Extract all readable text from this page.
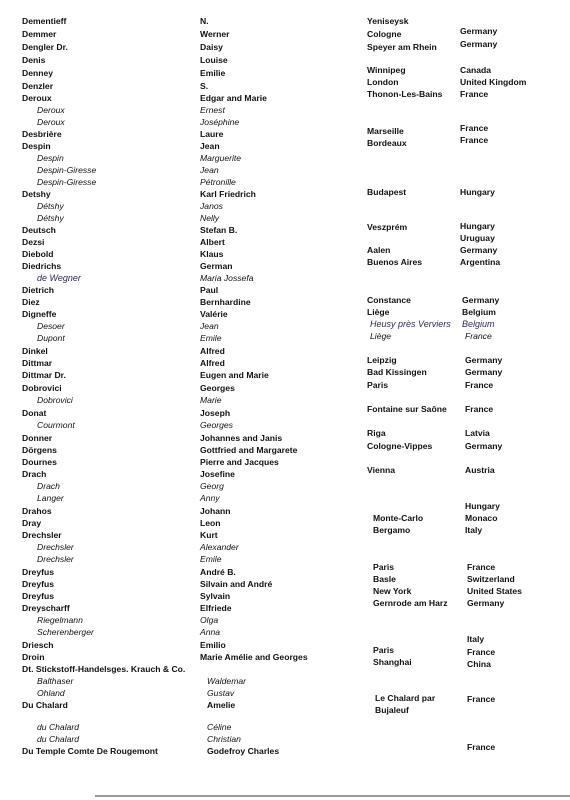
Dementieff
Demmer
Dengler Dr.
Denis
Denney
Denzler
Deroux
Deroux
Deroux
Desbrière
Despin
Despin
Despin-Giresse
Despin-Giresse
Detshy
Détshy
Détshy
Deutsch
Dezsi
Diebold
Diedrichs
de Wegner
Dietrich
Diez
Digneffe
Desoer
Dupont
Dinkel
Dittmar
Dittmar Dr.
Dobrovici
Dobrovici
Donat
Courmont
Donner
Dörgens
Dournes
Drach
Drach
Langer
Drahos
Dray
Drechsler
Drechsler
Drechsler
Dreyfus
Dreyfus
Dreyfus
Dreyscharff
Riegelmann
Scherenberger
Driesch
Droin
Dt. Stickstoff-Handelsges. Krauch & Co.
Balthaser
Ohland
Du Chalard
du Chalard
du Chalard
Du Temple Comte De Rougemont
N.
Werner
Daisy
Louise
Emilie
S.
Edgar and Marie
Ernest
Joséphine
Laure
Jean
Marguerite
Jean
Pétronille
Karl Friedrich
Janos
Nelly
Stefan B.
Albert
Klaus
German
Maria Jossefa
Paul
Bernhardine
Valérie
Jean
Emile
Alfred
Alfred
Eugen and Marie
Georges
Marie
Joseph
Georges
Johannes and Janis
Gottfried and Margarete
Pierre and Jacques
Josefine
Georg
Anny
Johann
Leon
Kurt
Alexander
Emile
André B.
Silvain and André
Sylvain
Elfriede
Olga
Anna
Emilio
Marie Amélie and Georges
Waldemar
Gustav
Amelie
Céline
Christian
Godefroy Charles
Yeniseysk
Cologne
Speyer am Rhein
Winnipeg
London
Thonon-Les-Bains
Marseille
Bordeaux
Budapest
Veszprém
Aalen
Buenos Aires
Constance
Liège
Heusy près Verviers
Liège
Leipzig
Bad Kissingen
Paris
Fontaine sur Saône
Riga
Cologne-Vippes
Vienna
Monte-Carlo
Bergamo
Paris
Basle
New York
Gernrode am Harz
Paris
Shanghai
Le Chalard par
Bujaleuf
Germany
Germany
Canada
United Kingdom
France
France
France
Hungary
Hungary
Uruguay
Germany
Argentina
Germany
Belgium
Belgium
France
Germany
Germany
France
France
Latvia
Germany
Austria
Hungary
Monaco
Italy
France
Switzerland
United States
Germany
Italy
France
China
France
France
